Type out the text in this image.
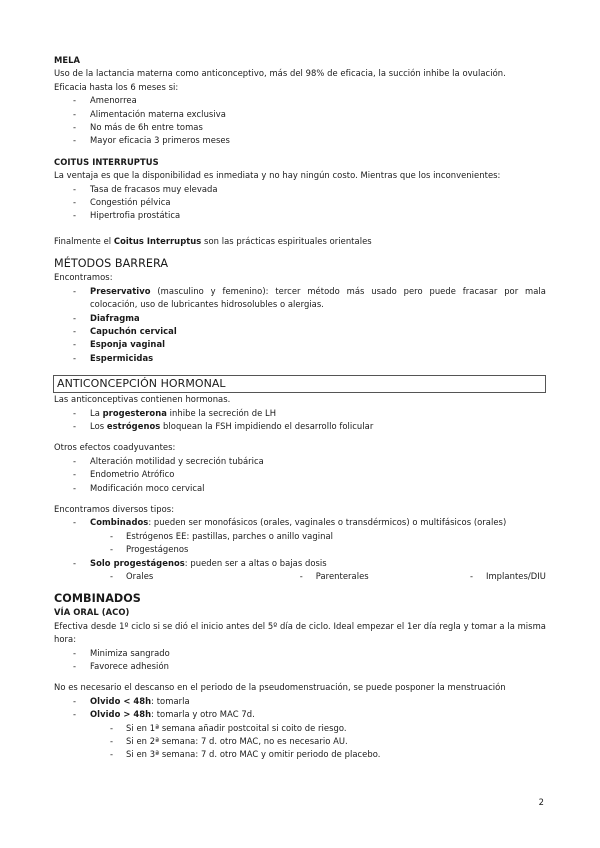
MELA

Uso de la lactancia materna como anticonceptivo, más del 98% de eficacia, la succión inhibe la ovulación.

Eficacia hasta los 6 meses si:

- Amenorrea
- Alimentación materna exclusiva
- No más de 6h entre tomas
- Mayor eficacia 3 primeros meses
COITUS INTERRUPTUS

La ventaja es que la disponibilidad es inmediata y no hay ningún costo. Mientras que los inconvenientes:

- Tasa de fracasos muy elevada
- Congestión pélvica
- Hipertrofia prostática

Finalmente el Coitus Interruptus son las prácticas espirituales orientales

MÉTODOS BARRERA

Encontramos:

- Preservativo (masculino y femenino): tercer método más usado pero puede fracasar por mala colocación, uso de lubricantes hidrosolubles o alergias.
- Diafragma
- Capuchón cervical
- Esponja vaginal
- Espermicidas
ANTICONCEPCIÓN HORMONAL

Las anticonceptivas contienen hormonas.

- La progesterona inhibe la secreción de LH
- Los estrógenos bloquean la FSH impidiendo el desarrollo folicular

Otros efectos coadyuvantes:

- Alteración motilidad y secreción tubárica
- Endometrio Atrófico
- Modificación moco cervical

Encontramos diversos tipos:

- Combinados: pueden ser monofásicos (orales, vaginales o transdérmicos) o multifásicos (orales)
- Estrógenos EE: pastillas, parches o anillo vaginal
- Progestágenos
- Solo progestágenos: pueden ser a altas o bajas dosis
- Orales	- Parenterales	- Implantes/DIU
COMBINADOS
VÍA ORAL (ACO)

Efectiva desde 1º ciclo si se dió el inicio antes del 5º día de ciclo. Ideal empezar el 1er día regla y tomar a la misma hora:

- Minimiza sangrado
- Favorece adhesión

No es necesario el descanso en el periodo de la pseudomenstruación, se puede posponer la menstruación

- Olvido < 48h: tomarla
- Olvido > 48h: tomarla y otro MAC 7d.
- Si en 1ª semana añadir postcoital si coito de riesgo.
- Si en 2ª semana: 7 d. otro MAC, no es necesario AU.
- Si en 3ª semana: 7 d. otro MAC y omitir periodo de placebo.
2
